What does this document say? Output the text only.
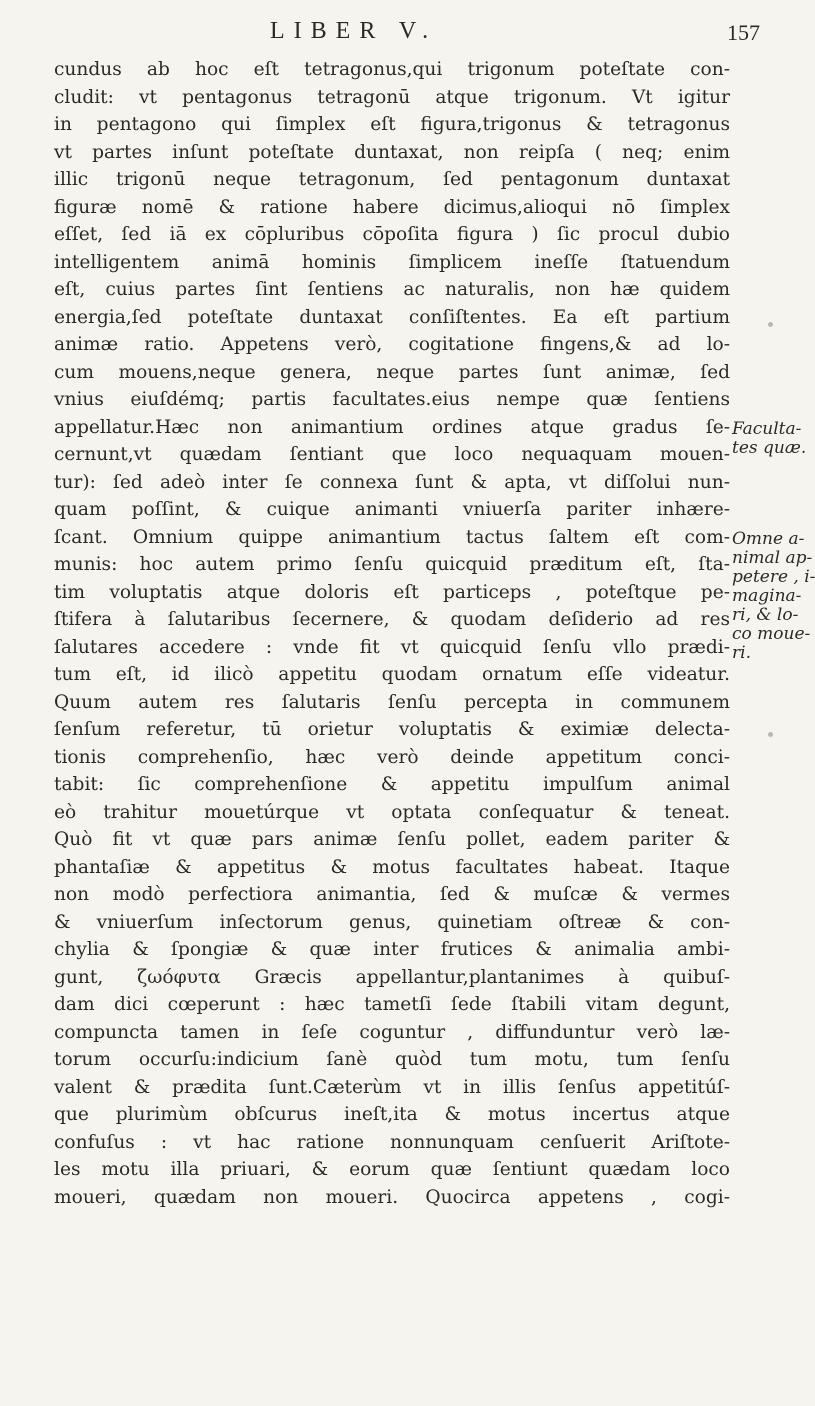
LIBER V.	157
cundus ab hoc eſt tetragonus,qui trigonum poteſtate con-
cludit: vt pentagonus tetragonū atque trigonum. Vt igitur
in pentagono qui ſimplex eſt figura,trigonus & tetragonus
vt partes inſunt poteſtate duntaxat, non reipſa ( neq; enim
illic trigonū neque tetragonum, ſed pentagonum duntaxat
figuræ nomē & ratione habere dicimus,alioqui nō ſimplex
eſſet, ſed iā ex cōpluribus cōpoſita figura ) ſic procul dubio
intelligentem animā hominis ſimplicem ineſſe ſtatuendum
eſt, cuius partes ſint ſentiens ac naturalis, non hæ quidem
energia,ſed poteſtate duntaxat conſiſtentes. Ea eſt partium
animæ ratio. Appetens verò, cogitatione fingens,& ad lo-
cum mouens,neque genera, neque partes ſunt animæ, ſed
vnius eiuſdémq; partis facultates.eius nempe quæ ſentiens
appellatur.Hæc non animantium ordines atque gradus ſe-
cernunt,vt quædam ſentiant que loco nequaquam mouen-
tur): ſed adeò inter ſe connexa ſunt & apta, vt diſſolui nun-
quam poſſint, & cuique animanti vniuerſa pariter inhære-
ſcant. Omnium quippe animantium tactus ſaltem eſt com-
munis: hoc autem primo ſenſu quicquid præditum eſt, ſta-
tim voluptatis atque doloris eſt particeps , poteſtque pe-
ſtifera à ſalutaribus ſecernere, & quodam deſiderio ad res
ſalutares accedere : vnde fit vt quicquid ſenſu vllo prædi-
tum eſt, id ilicò appetitu quodam ornatum eſſe videatur.
Quum autem res ſalutaris ſenſu percepta in communem
ſenſum referetur, tū orietur voluptatis & eximiæ delecta-
tionis comprehenſio, hæc verò deinde appetitum conci-
tabit: ſic comprehenſione & appetitu impulſum animal
eò trahitur mouetúrque vt optata conſequatur & teneat.
Quò fit vt quæ pars animæ ſenſu pollet, eadem pariter &
phantaſiæ & appetitus & motus facultates habeat. Itaque
non modò perfectiora animantia, ſed & muſcæ & vermes
& vniuerſum inſectorum genus, quinetiam oſtreæ & con-
chylia & ſpongiæ & quæ inter frutices & animalia ambi-
gunt, ζωόφυτα Græcis appellantur,plantanimes à quibuſ-
dam dici cœperunt : hæc tametſi ſede ſtabili vitam degunt,
compuncta tamen in ſeſe coguntur , diffunduntur verò læ-
torum occurſu:indicium ſanè quòd tum motu, tum ſenſu
valent & prædita ſunt.Cæterùm vt in illis ſenſus appetitúſ-
que plurimùm obſcurus ineſt,ita & motus incertus atque
confuſus : vt hac ratione nonnunquam cenſuerit Ariſtote-
les motu illa priuari, & eorum quæ ſentiunt quædam loco
moueri, quædam non moueri. Quocirca appetens , cogi-
Faculta-
tes quæ.
Omne a-
nimal ap-
petere , i-
magina-
ri, & lo-
co moue-
ri.
